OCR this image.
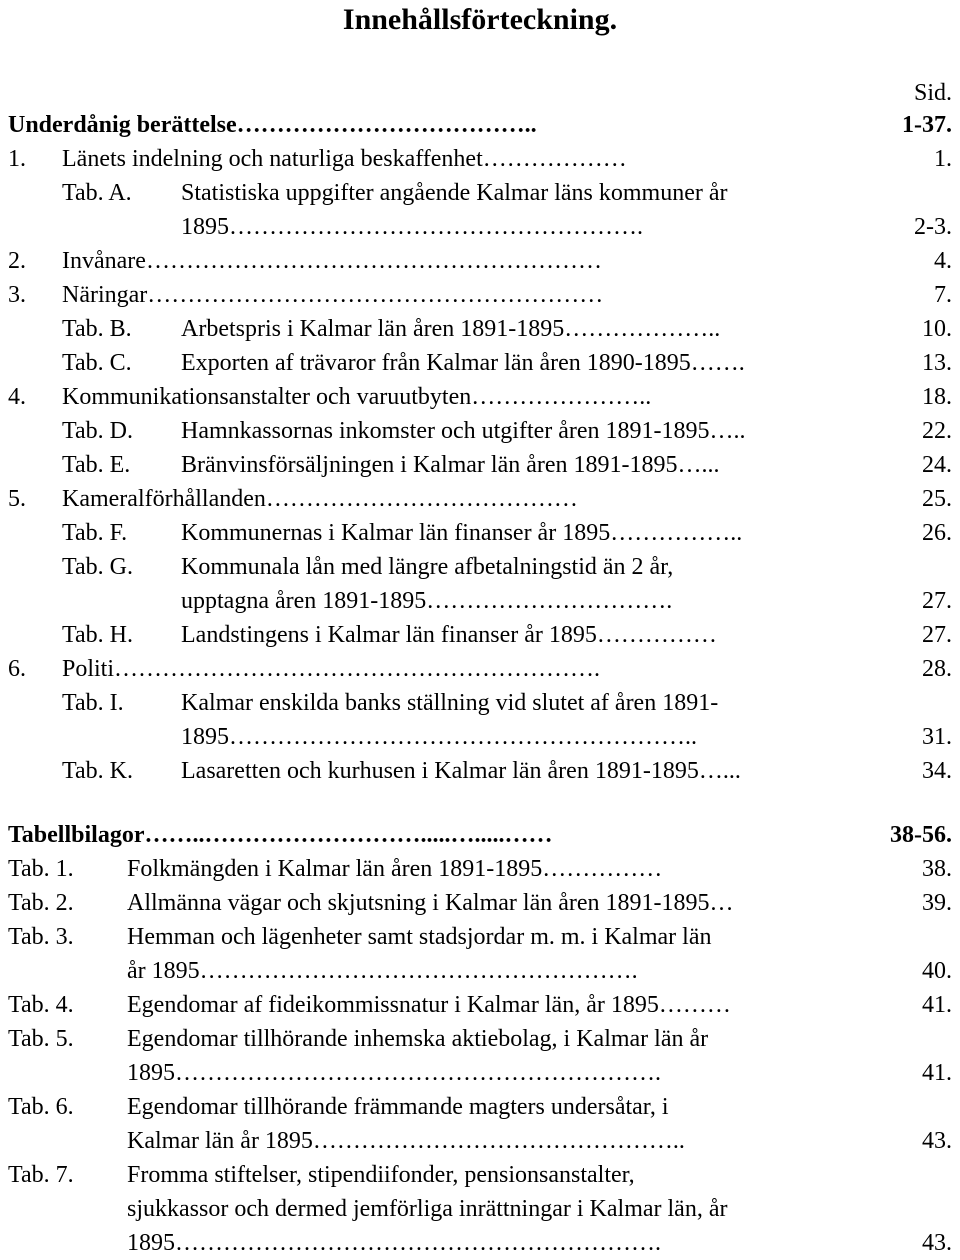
Innehållsförteckning.
Sid.
Underdånig berättelse………………………………..	1-37.
1. Länets indelning och naturliga beskaffenhet………………	1.
Tab. A. Statistiska uppgifter angående Kalmar läns kommuner år
1895…………………………………………….	2-3.
2. Invånare…………………………………………………	4.
3. Näringar…………………………………………………	7.
Tab. B. Arbetspris i Kalmar län åren 1891-1895………………..	10.
Tab. C. Exporten af trävaror från Kalmar län åren 1890-1895…….	13.
4. Kommunikationsanstalter och varuutbyten…………………..	18.
Tab. D. Hamnkassornas inkomster och utgifter åren 1891-1895…..	22.
Tab. E. Bränvinsförsäljningen i Kalmar län åren 1891-1895…...	24.
5. Kameralförhållanden…………………………………	25.
Tab. F. Kommunernas i Kalmar län finanser år 1895……………..	26.
Tab. G. Kommunala lån med längre afbetalningstid än 2 år,
upptagna åren 1891-1895………………………….	27.
Tab. H. Landstingens i Kalmar län finanser år 1895……………	27.
6. Politi…………………………………………………….	28.
Tab. I. Kalmar enskilda banks ställning vid slutet af åren 1891-
1895…………………………………………………..	31.
Tab. K. Lasaretten och kurhusen i Kalmar län åren 1891-1895…...	34.
Tabellbilagor……..……………………….....….....……	38-56.
Tab. 1. Folkmängden i Kalmar län åren 1891-1895……………	38.
Tab. 2. Allmänna vägar och skjutsning i Kalmar län åren 1891-1895…	39.
Tab. 3. Hemman och lägenheter samt stadsjordar m. m. i Kalmar län
år 1895……………………………………………….	40.
Tab. 4. Egendomar af fideikommissnatur i Kalmar län, år 1895………	41.
Tab. 5. Egendomar tillhörande inhemska aktiebolag, i Kalmar län år
1895…………………………………………………….	41.
Tab. 6. Egendomar tillhörande främmande magters undersåtar, i
Kalmar län år 1895………………………………………..	43.
Tab. 7. Fromma stiftelser, stipendiifonder, pensionsanstalter,
sjukkassor och dermed jemförliga inrättningar i Kalmar län, år
1895…………………………………………………….	43.
